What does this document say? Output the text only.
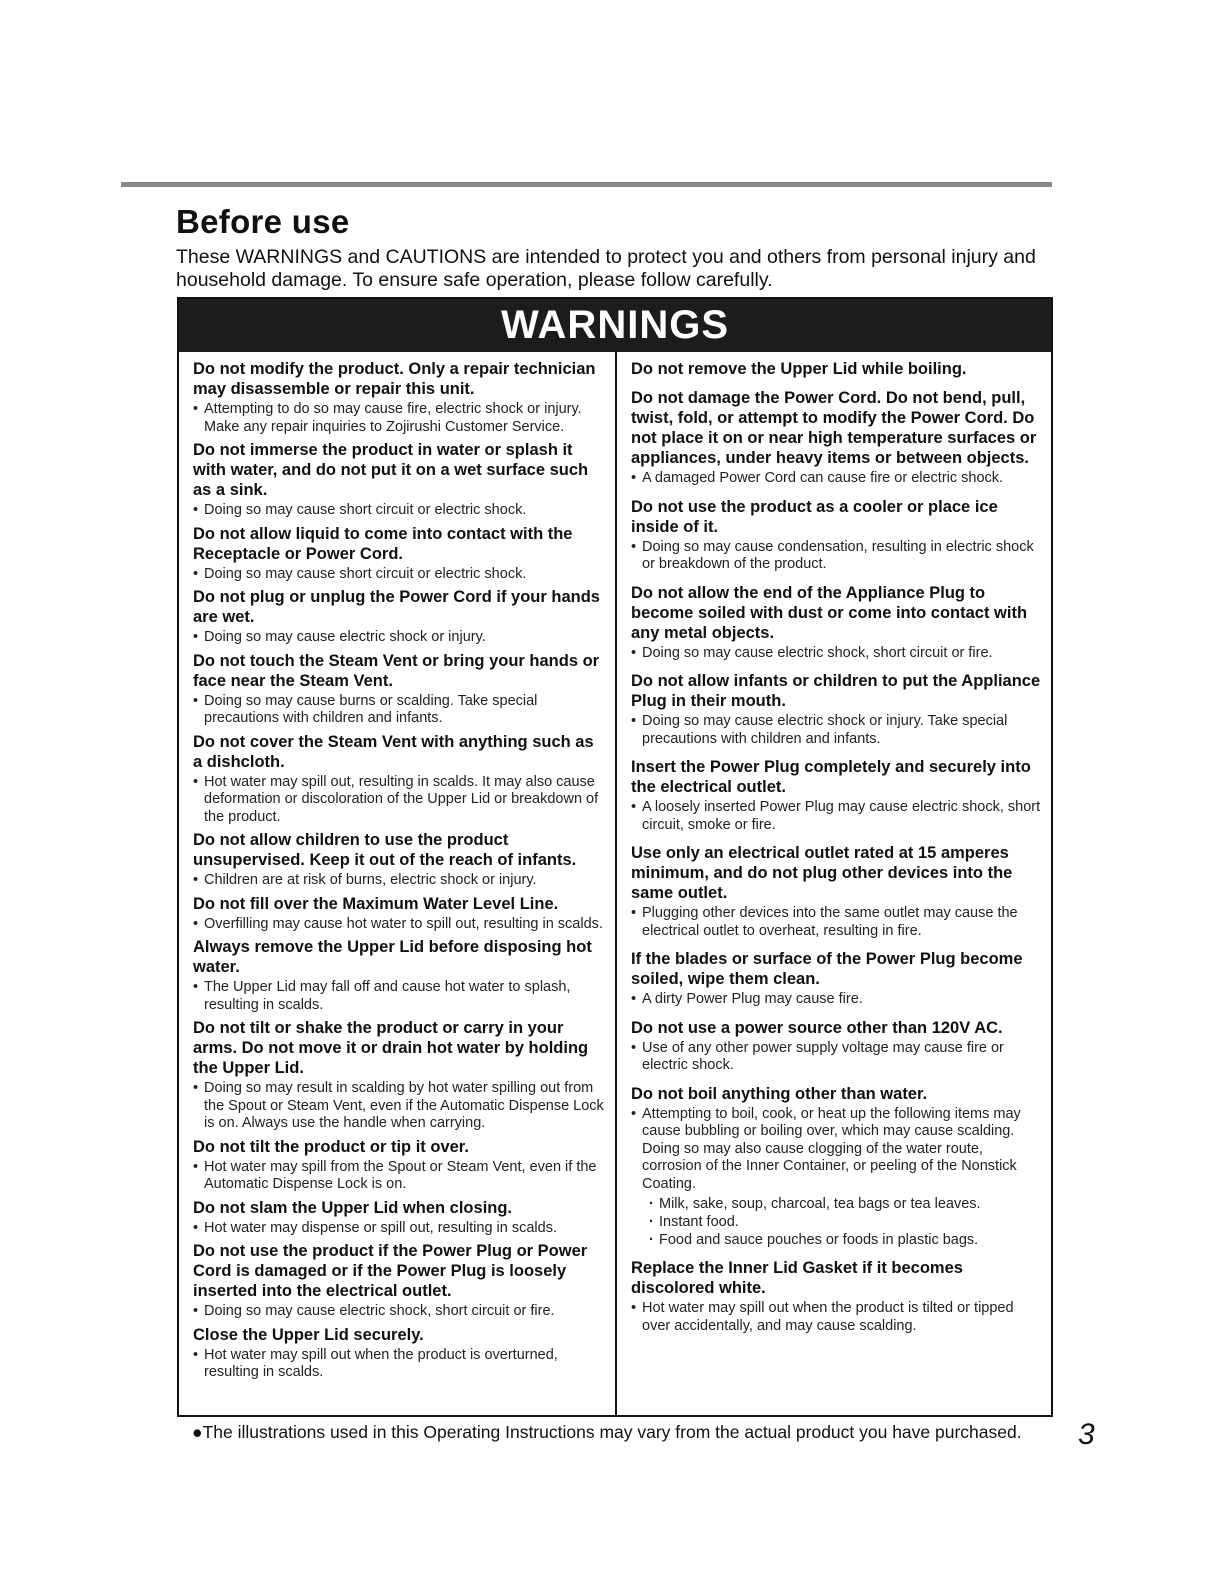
Before use

These WARNINGS and CAUTIONS are intended to protect you and others from personal injury and household damage. To ensure safe operation, please follow carefully.

WARNINGS

Do not modify the product. Only a repair technician may disassemble or repair this unit.

• Attempting to do so may cause fire, electric shock or injury. Make any repair inquiries to Zojirushi Customer Service.

Do not immerse the product in water or splash it with water, and do not put it on a wet surface such as a sink.

• Doing so may cause short circuit or electric shock.

Do not allow liquid to come into contact with the Receptacle or Power Cord.

• Doing so may cause short circuit or electric shock.

Do not plug or unplug the Power Cord if your hands are wet.

• Doing so may cause electric shock or injury.

Do not touch the Steam Vent or bring your hands or face near the Steam Vent.

• Doing so may cause burns or scalding. Take special precautions with children and infants.

Do not cover the Steam Vent with anything such as a dishcloth.

• Hot water may spill out, resulting in scalds. It may also cause deformation or discoloration of the Upper Lid or breakdown of the product.

Do not allow children to use the product unsupervised. Keep it out of the reach of infants.

• Children are at risk of burns, electric shock or injury.

Do not fill over the Maximum Water Level Line.

• Overfilling may cause hot water to spill out, resulting in scalds.

Always remove the Upper Lid before disposing hot water.

• The Upper Lid may fall off and cause hot water to splash, resulting in scalds.

Do not tilt or shake the product or carry in your arms. Do not move it or drain hot water by holding the Upper Lid.

• Doing so may result in scalding by hot water spilling out from the Spout or Steam Vent, even if the Automatic Dispense Lock is on. Always use the handle when carrying.

Do not tilt the product or tip it over.

• Hot water may spill from the Spout or Steam Vent, even if the Automatic Dispense Lock is on.

Do not slam the Upper Lid when closing.

• Hot water may dispense or spill out, resulting in scalds.

Do not use the product if the Power Plug or Power Cord is damaged or if the Power Plug is loosely inserted into the electrical outlet.

• Doing so may cause electric shock, short circuit or fire.

Close the Upper Lid securely.

• Hot water may spill out when the product is overturned, resulting in scalds.

Do not remove the Upper Lid while boiling.

Do not damage the Power Cord. Do not bend, pull, twist, fold, or attempt to modify the Power Cord. Do not place it on or near high temperature surfaces or appliances, under heavy items or between objects.

• A damaged Power Cord can cause fire or electric shock.

Do not use the product as a cooler or place ice inside of it.

• Doing so may cause condensation, resulting in electric shock or breakdown of the product.

Do not allow the end of the Appliance Plug to become soiled with dust or come into contact with any metal objects.

• Doing so may cause electric shock, short circuit or fire.

Do not allow infants or children to put the Appliance Plug in their mouth.

• Doing so may cause electric shock or injury. Take special precautions with children and infants.

Insert the Power Plug completely and securely into the electrical outlet.

• A loosely inserted Power Plug may cause electric shock, short circuit, smoke or fire.

Use only an electrical outlet rated at 15 amperes minimum, and do not plug other devices into the same outlet.

• Plugging other devices into the same outlet may cause the electrical outlet to overheat, resulting in fire.

If the blades or surface of the Power Plug become soiled, wipe them clean.

• A dirty Power Plug may cause fire.

Do not use a power source other than 120V AC.

• Use of any other power supply voltage may cause fire or electric shock.

Do not boil anything other than water.

• Attempting to boil, cook, or heat up the following items may cause bubbling or boiling over, which may cause scalding. Doing so may also cause clogging of the water route, corrosion of the Inner Container, or peeling of the Nonstick Coating.

· Milk, sake, soup, charcoal, tea bags or tea leaves.
· Instant food.
· Food and sauce pouches or foods in plastic bags.

Replace the Inner Lid Gasket if it becomes discolored white.

• Hot water may spill out when the product is tilted or tipped over accidentally, and may cause scalding.

●The illustrations used in this Operating Instructions may vary from the actual product you have purchased. 3
